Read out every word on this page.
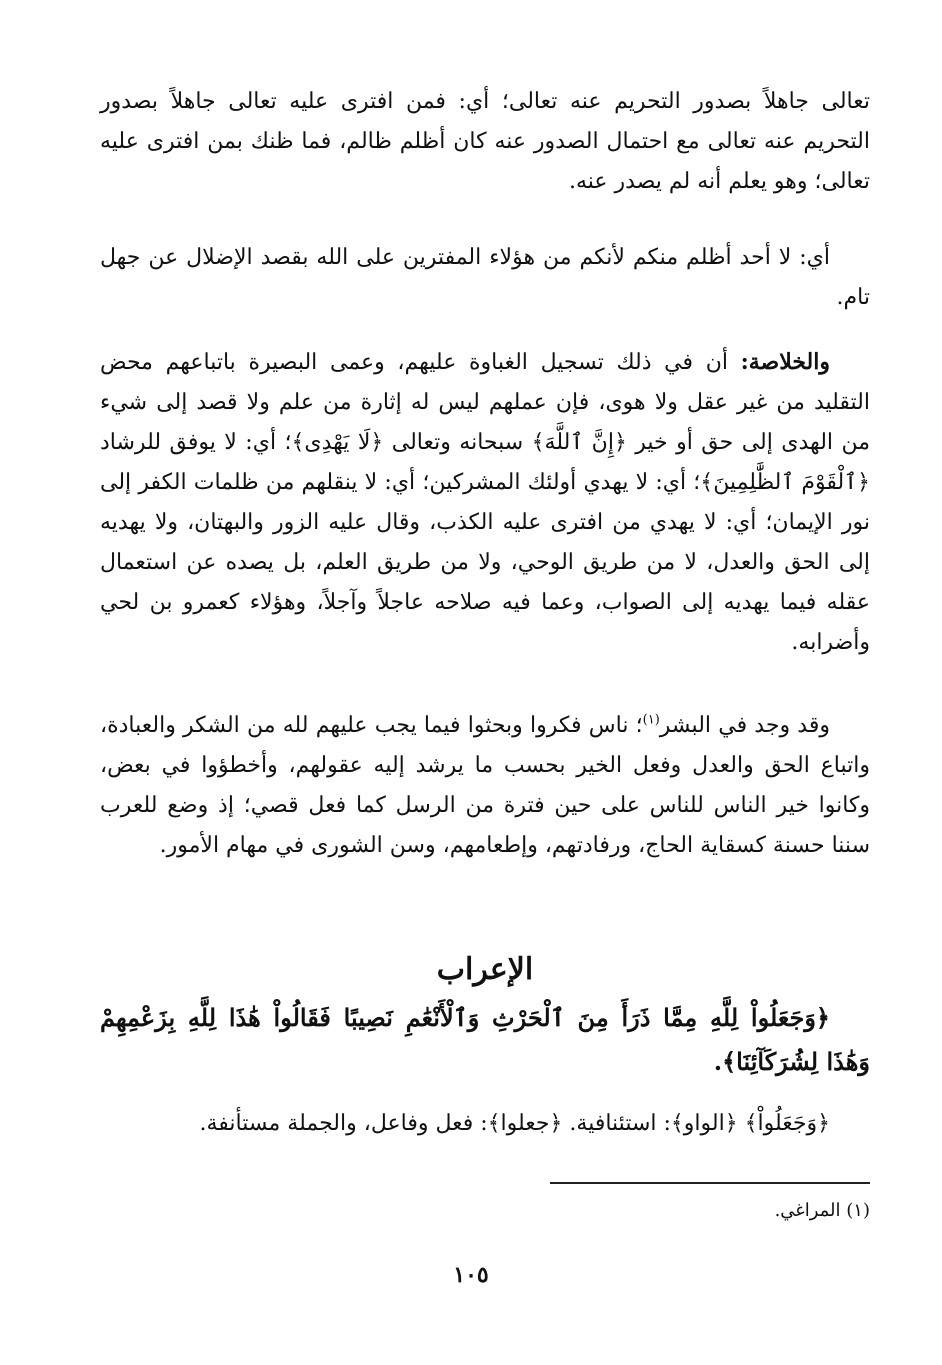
تعالى جاهلاً بصدور التحريم عنه تعالى؛ أي: فمن افترى عليه تعالى جاهلاً بصدور التحريم عنه تعالى مع احتمال الصدور عنه كان أظلم ظالم، فما ظنك بمن افترى عليه تعالى؛ وهو يعلم أنه لم يصدر عنه.

أي: لا أحد أظلم منكم لأنكم من هؤلاء المفترين على الله بقصد الإضلال عن جهل تام.

والخلاصة: أن في ذلك تسجيل الغباوة عليهم، وعمى البصيرة باتباعهم محض التقليد من غير عقل ولا هوى، فإن عملهم ليس له إثارة من علم ولا قصد إلى شيء من الهدى إلى حق أو خير ﴿إِنَّ ٱللَّهَ﴾ سبحانه وتعالى ﴿لَا يَهْدِى﴾؛ أي: لا يوفق للرشاد ﴿ٱلْقَوْمَ ٱلظَّٰلِمِينَ﴾؛ أي: لا يهدي أولئك المشركين؛ أي: لا ينقلهم من ظلمات الكفر إلى نور الإيمان؛ أي: لا يهدي من افترى عليه الكذب، وقال عليه الزور والبهتان، ولا يهديه إلى الحق والعدل، لا من طريق الوحي، ولا من طريق العلم، بل يصده عن استعمال عقله فيما يهديه إلى الصواب، وعما فيه صلاحه عاجلاً وآجلاً، وهؤلاء كعمرو بن لحي وأضرابه.

وقد وجد في البشر$^{(١)}$؛ ناس فكروا وبحثوا فيما يجب عليهم لله من الشكر والعبادة، واتباع الحق والعدل وفعل الخير بحسب ما يرشد إليه عقولهم، وأخطؤوا في بعض، وكانوا خير الناس للناس على حين فترة من الرسل كما فعل قصي؛ إذ وضع للعرب سننا حسنة كسقاية الحاج، ورفادتهم، وإطعامهم، وسن الشورى في مهام الأمور.

الإعراب

﴿وَجَعَلُواْ لِلَّهِ مِمَّا ذَرَأَ مِنَ ٱلْحَرْثِ وَٱلْأَنْعَٰمِ نَصِيبًا فَقَالُواْ هَٰذَا لِلَّهِ بِزَعْمِهِمْ وَهَٰذَا لِشُرَكَآئِنَا﴾.

﴿وَجَعَلُواْ﴾ ﴿الواو﴾: استئنافية. ﴿جعلوا﴾: فعل وفاعل، والجملة مستأنفة.

(١) المراغي.
١٠٥
